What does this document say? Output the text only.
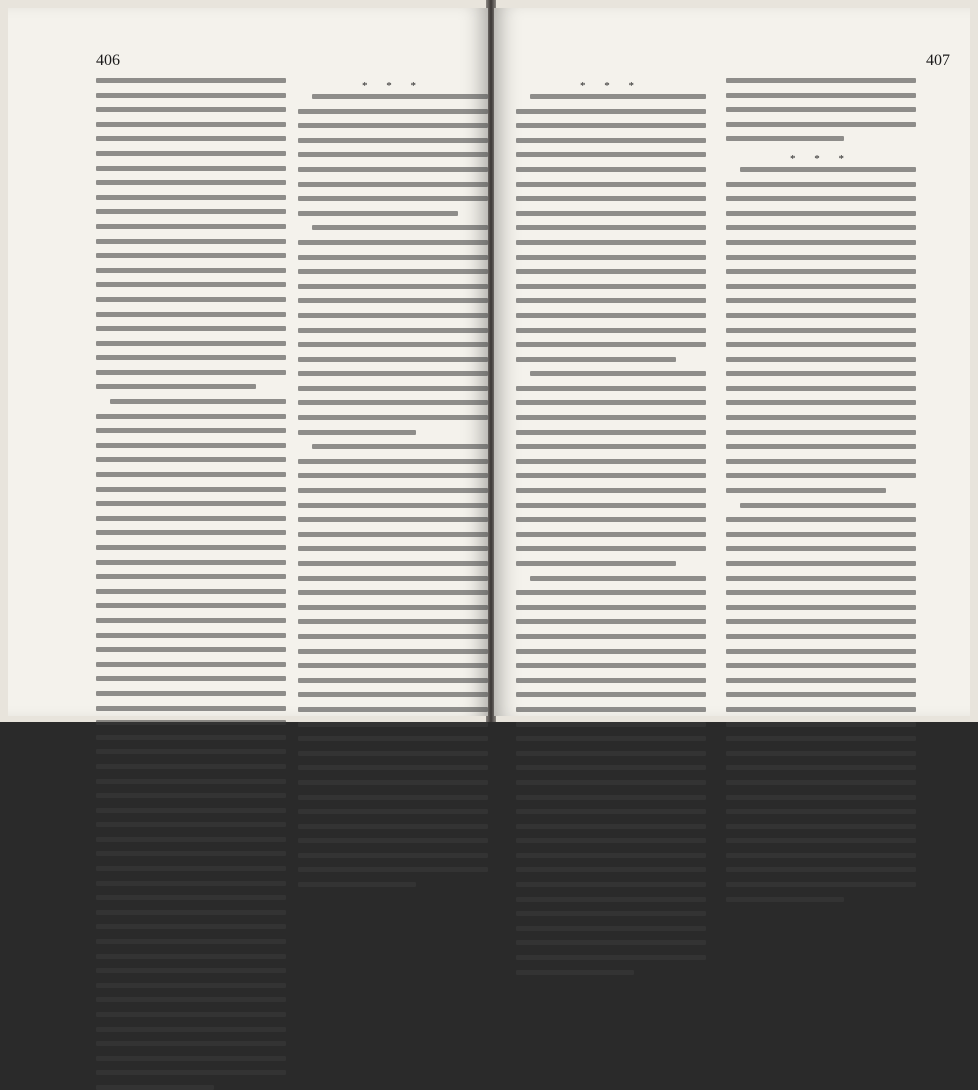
406
* * *
407
* * *
* * *
